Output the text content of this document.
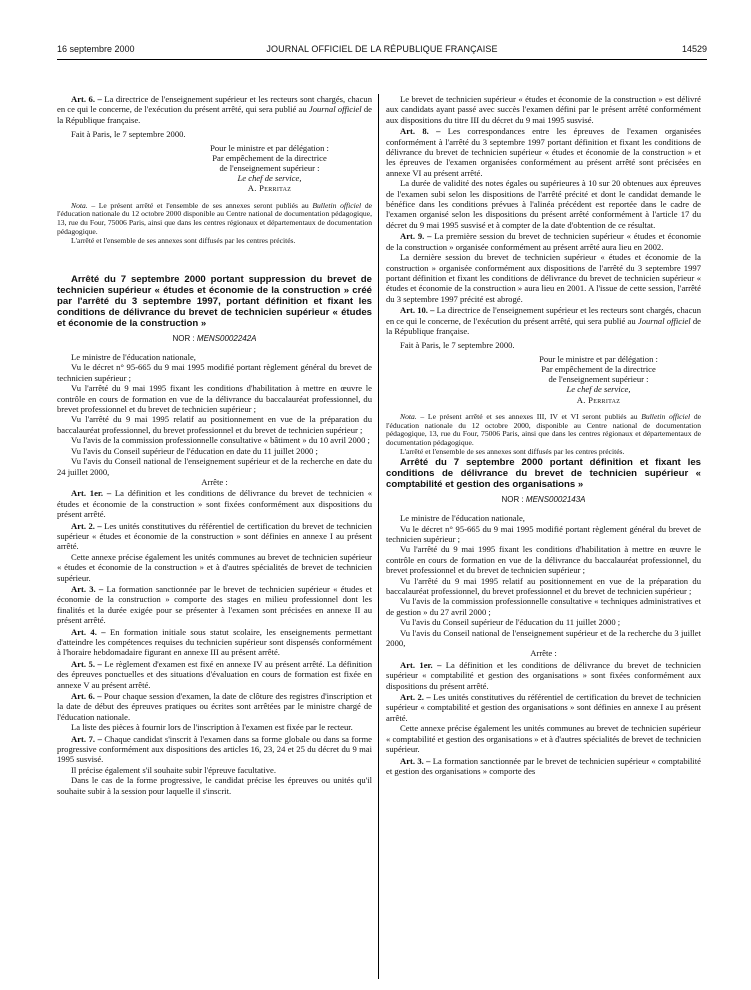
16 septembre 2000	JOURNAL OFFICIEL DE LA RÉPUBLIQUE FRANÇAISE	14529

Art. 6. – La directrice de l'enseignement supérieur et les recteurs sont chargés, chacun en ce qui le concerne, de l'exécution du présent arrêté, qui sera publié au Journal officiel de la République française.

Fait à Paris, le 7 septembre 2000.

Pour le ministre et par délégation :
Par empêchement de la directrice
de l'enseignement supérieur :
Le chef de service,
A. Perritaz

Nota. – Le présent arrêté et l'ensemble de ses annexes seront publiés au Bulletin officiel de l'éducation nationale du 12 octobre 2000 disponible au Centre national de documentation pédagogique, 13, rue du Four, 75006 Paris, ainsi que dans les centres régionaux et départementaux de documentation pédagogique.

L'arrêté et l'ensemble de ses annexes sont diffusés par les centres précités.

Arrêté du 7 septembre 2000 portant suppression du brevet de technicien supérieur « études et économie de la construction » créé par l'arrêté du 3 septembre 1997, portant définition et fixant les conditions de délivrance du brevet de technicien supérieur « études et économie de la construction »

NOR : MENS0002242A

Le ministre de l'éducation nationale,

Vu le décret n° 95-665 du 9 mai 1995 modifié portant règlement général du brevet de technicien supérieur ;

Vu l'arrêté du 9 mai 1995 fixant les conditions d'habilitation à mettre en œuvre le contrôle en cours de formation en vue de la délivrance du baccalauréat professionnel, du brevet professionnel et du brevet de technicien supérieur ;

Vu l'arrêté du 9 mai 1995 relatif au positionnement en vue de la préparation du baccalauréat professionnel, du brevet professionnel et du brevet de technicien supérieur ;

Vu l'avis de la commission professionnelle consultative « bâtiment » du 10 avril 2000 ;

Vu l'avis du Conseil supérieur de l'éducation en date du 11 juillet 2000 ;

Vu l'avis du Conseil national de l'enseignement supérieur et de la recherche en date du 24 juillet 2000,

Arrête :

Art. 1er. – La définition et les conditions de délivrance du brevet de technicien « études et économie de la construction » sont fixées conformément aux dispositions du présent arrêté.

Art. 2. – Les unités constitutives du référentiel de certification du brevet de technicien supérieur « études et économie de la construction » sont définies en annexe I au présent arrêté.

Cette annexe précise également les unités communes au brevet de technicien supérieur « études et économie de la construction » et à d'autres spécialités de brevet de technicien supérieur.

Art. 3. – La formation sanctionnée par le brevet de technicien supérieur « études et économie de la construction » comporte des stages en milieu professionnel dont les finalités et la durée exigée pour se présenter à l'examen sont précisées en annexe II au présent arrêté.

Art. 4. – En formation initiale sous statut scolaire, les enseignements permettant d'atteindre les compétences requises du technicien supérieur sont dispensés conformément à l'horaire hebdomadaire figurant en annexe III au présent arrêté.

Art. 5. – Le règlement d'examen est fixé en annexe IV au présent arrêté. La définition des épreuves ponctuelles et des situations d'évaluation en cours de formation est fixée en annexe V au présent arrêté.

Art. 6. – Pour chaque session d'examen, la date de clôture des registres d'inscription et la date de début des épreuves pratiques ou écrites sont arrêtées par le ministre chargé de l'éducation nationale.

La liste des pièces à fournir lors de l'inscription à l'examen est fixée par le recteur.

Art. 7. – Chaque candidat s'inscrit à l'examen dans sa forme globale ou dans sa forme progressive conformément aux dispositions des articles 16, 23, 24 et 25 du décret du 9 mai 1995 susvisé.

Il précise également s'il souhaite subir l'épreuve facultative.

Dans le cas de la forme progressive, le candidat précise les épreuves ou unités qu'il souhaite subir à la session pour laquelle il s'inscrit.

Le brevet de technicien supérieur « études et économie de la construction » est délivré aux candidats ayant passé avec succès l'examen défini par le présent arrêté conformément aux dispositions du titre III du décret du 9 mai 1995 susvisé.

Art. 8. – Les correspondances entre les épreuves de l'examen organisées conformément à l'arrêté du 3 septembre 1997 portant définition et fixant les conditions de délivrance du brevet de technicien supérieur « études et économie de la construction » et les épreuves de l'examen organisées conformément au présent arrêté sont précisées en annexe VI au présent arrêté.

La durée de validité des notes égales ou supérieures à 10 sur 20 obtenues aux épreuves de l'examen subi selon les dispositions de l'arrêté précité et dont le candidat demande le bénéfice dans les conditions prévues à l'alinéa précédent est reportée dans le cadre de l'examen organisé selon les dispositions du présent arrêté conformément à l'article 17 du décret du 9 mai 1995 susvisé et à compter de la date d'obtention de ce résultat.

Art. 9. – La première session du brevet de technicien supérieur « études et économie de la construction » organisée conformément au présent arrêté aura lieu en 2002.

La dernière session du brevet de technicien supérieur « études et économie de la construction » organisée conformément aux dispositions de l'arrêté du 3 septembre 1997 portant définition et fixant les conditions de délivrance du brevet de technicien supérieur « études et économie de la construction » aura lieu en 2001. A l'issue de cette session, l'arrêté du 3 septembre 1997 précité est abrogé.

Art. 10. – La directrice de l'enseignement supérieur et les recteurs sont chargés, chacun en ce qui le concerne, de l'exécution du présent arrêté, qui sera publié au Journal officiel de la République française.

Fait à Paris, le 7 septembre 2000.

Pour le ministre et par délégation :
Par empêchement de la directrice
de l'enseignement supérieur :
Le chef de service,
A. Perritaz

Nota. – Le présent arrêté et ses annexes III, IV et VI seront publiés au Bulletin officiel de l'éducation nationale du 12 octobre 2000, disponible au Centre national de documentation pédagogique, 13, rue du Four, 75006 Paris, ainsi que dans les centres régionaux et départementaux de documentation pédagogique.

L'arrêté et l'ensemble de ses annexes sont diffusés par les centres précités.

Arrêté du 7 septembre 2000 portant définition et fixant les conditions de délivrance du brevet de technicien supérieur « comptabilité et gestion des organisations »

NOR : MENS0002143A

Le ministre de l'éducation nationale,

Vu le décret n° 95-665 du 9 mai 1995 modifié portant règlement général du brevet de technicien supérieur ;

Vu l'arrêté du 9 mai 1995 fixant les conditions d'habilitation à mettre en œuvre le contrôle en cours de formation en vue de la délivrance du baccalauréat professionnel, du brevet professionnel et du brevet de technicien supérieur ;

Vu l'arrêté du 9 mai 1995 relatif au positionnement en vue de la préparation du baccalauréat professionnel, du brevet professionnel et du brevet de technicien supérieur ;

Vu l'avis de la commission professionnelle consultative « techniques administratives et de gestion » du 27 avril 2000 ;

Vu l'avis du Conseil supérieur de l'éducation du 11 juillet 2000 ;

Vu l'avis du Conseil national de l'enseignement supérieur et de la recherche du 3 juillet 2000,

Arrête :

Art. 1er. – La définition et les conditions de délivrance du brevet de technicien supérieur « comptabilité et gestion des organisations » sont fixées conformément aux dispositions du présent arrêté.

Art. 2. – Les unités constitutives du référentiel de certification du brevet de technicien supérieur « comptabilité et gestion des organisations » sont définies en annexe I au présent arrêté.

Cette annexe précise également les unités communes au brevet de technicien supérieur « comptabilité et gestion des organisations » et à d'autres spécialités de brevet de technicien supérieur.

Art. 3. – La formation sanctionnée par le brevet de technicien supérieur « comptabilité et gestion des organisations » comporte des
